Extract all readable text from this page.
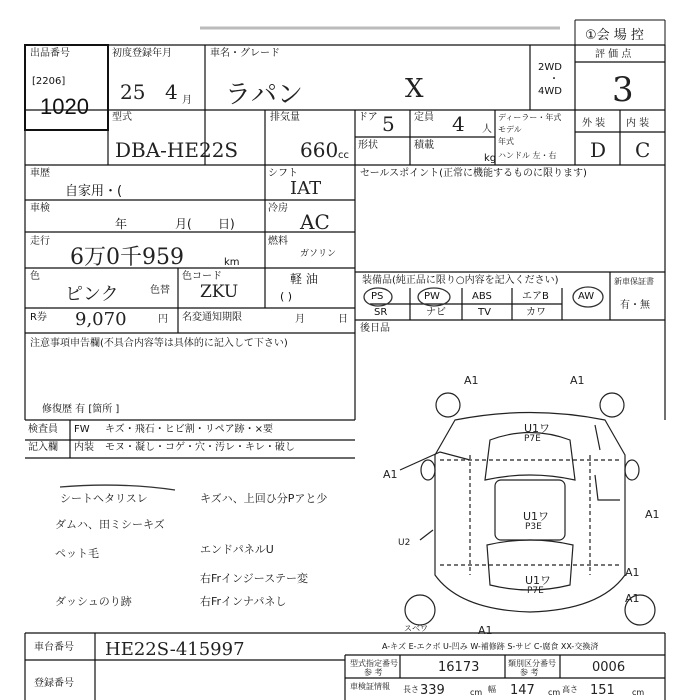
①会 場 控
出品番号
[2206]
1020
初度登録年月
25 4 月
車名・グレード
ラパン	X
2WD
・
4WD
評 価 点
3
外 装 内 装
D C
型式
DBA-HE22S
排気量
660 cc
ドア 5 定員 4 人
形状	積載
kg
ディーラー・年式
モデル
年式
ハンドル 左・右
車歴
自家用・(
車検
年	月( 日)
走行
6万0千959	km
色
ピンク	色替
色コード
ZKU
R券 9,070	円 名変通知期限	月	日
シフト
IAT
冷房
AC
燃料
ガソリン
軽 油
( )
セールスポイント(正常に機能するものに限ります)
注意事項申告欄(不具合内容等は具体的に記入して下さい)
修復歴 有 [箇所 ]
装備品(純正品に限り○内容を記入ください)
PS	PW	ABS	エアB	AW
SR	ナビ	TV	カワ
新車保証書
有・無
後日品
検査員
記入欄
FW
内装
キズ・飛石・ヒビ割・リペア跡・×要
モヌ・凝し・コゲ・穴・汚レ・キレ・破し
シートヘタリスレ
ダムハ、田ミシーキズ
ペット毛
ダッシュのり跡
キズハ、上回ひ分Pアと少
エンドパネルU
右Frインジーステー変
右Frインナパネし
A1	A1
A1
A1
A1
A1
A1
U1ワ
P7E
U1ワ
P3E
U1ワ
P7E
U2
スベワ
A-キズ E-エクボ U-凹み W-補修跡 S-サビ C-腐食 XX-交換済
車台番号 HE22S-415997
登録番号
型式指定番号
参 考	16173	類別区分番号
参 考	0006
車検証情報 長さ 339	cm 幅 147 cm 高さ 151 cm
